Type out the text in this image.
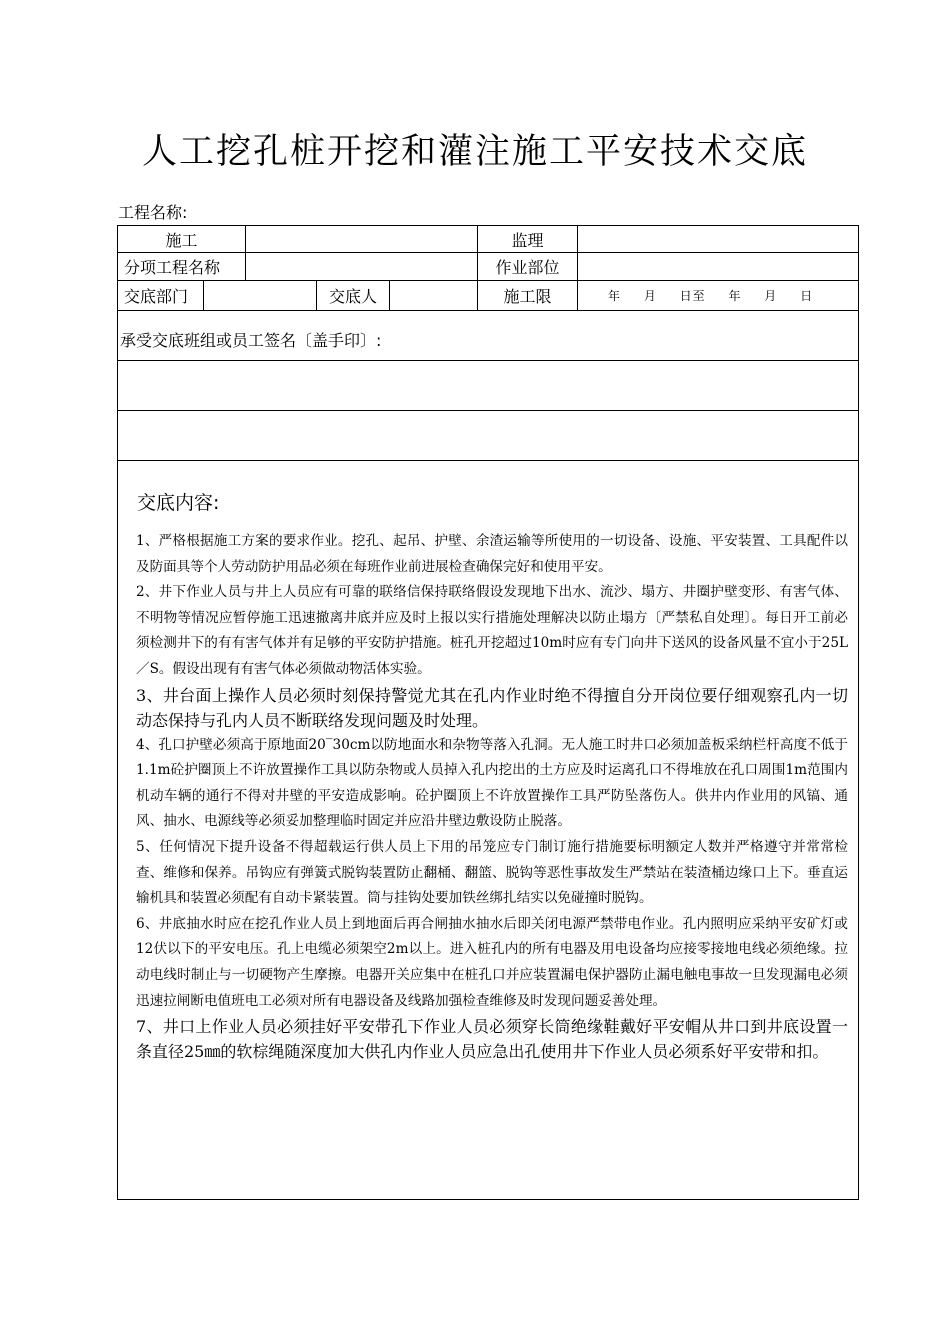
人工挖孔桩开挖和灌注施工平安技术交底
工程名称:
施工	监理
分项工程名称	作业部位
交底部门	交底人	施工限	年 月 日至 年 月 日
承受交底班组或员工签名〔盖手印〕:
交底内容:

1、严格根据施工方案的要求作业。挖孔、起吊、护壁、余渣运输等所使用的一切设备、设施、平安装置、工具配件以及防面具等个人劳动防护用品必须在每班作业前进展检查确保完好和使用平安。

2、井下作业人员与井上人员应有可靠的联络信保持联络假设发现地下出水、流沙、塌方、井圈护壁变形、有害气体、不明物等情况应暂停施工迅速撤离井底并应及时上报以实行措施处理解决以防止塌方〔严禁私自处理〕。每日开工前必须检测井下的有有害气体并有足够的平安防护措施。桩孔开挖超过10m时应有专门向井下送风的设备风量不宜小于25L／S。假设出现有有害气体必须做动物活体实验。

3、井台面上操作人员必须时刻保持警觉尤其在孔内作业时绝不得擅自分开岗位要仔细观察孔内一切动态保持与孔内人员不断联络发现问题及时处理。

4、孔口护壁必须高于原地面20‾30cm以防地面水和杂物等落入孔洞。无人施工时井口必须加盖板采纳栏杆高度不低于1.1m砼护圈顶上不许放置操作工具以防杂物或人员掉入孔内挖出的土方应及时运离孔口不得堆放在孔口周围1m范围内机动车辆的通行不得对井壁的平安造成影响。砼护圈顶上不许放置操作工具严防坠落伤人。供井内作业用的风镐、通风、抽水、电源线等必须妥加整理临时固定并应沿井壁边敷设防止脱落。

5、任何情况下提升设备不得超载运行供人员上下用的吊笼应专门制订施行措施要标明额定人数并严格遵守并常常检查、维修和保养。吊钩应有弹簧式脱钩装置防止翻桶、翻篮、脱钩等恶性事故发生严禁站在装渣桶边缘口上下。垂直运输机具和装置必须配有自动卡紧装置。筒与挂钩处要加铁丝绑扎结实以免碰撞时脱钩。

6、井底抽水时应在挖孔作业人员上到地面后再合闸抽水抽水后即关闭电源严禁带电作业。孔内照明应采纳平安矿灯或12伏以下的平安电压。孔上电缆必须架空2m以上。进入桩孔内的所有电器及用电设备均应接零接地电线必须绝缘。拉动电线时制止与一切硬物产生摩擦。电器开关应集中在桩孔口并应装置漏电保护器防止漏电触电事故一旦发现漏电必须迅速拉闸断电值班电工必须对所有电器设备及线路加强检查维修及时发现问题妥善处理。

7、井口上作业人员必须挂好平安带孔下作业人员必须穿长筒绝缘鞋戴好平安帽从井口到井底设置一条直径25㎜的软棕绳随深度加大供孔内作业人员应急出孔使用井下作业人员必须系好平安带和扣。
